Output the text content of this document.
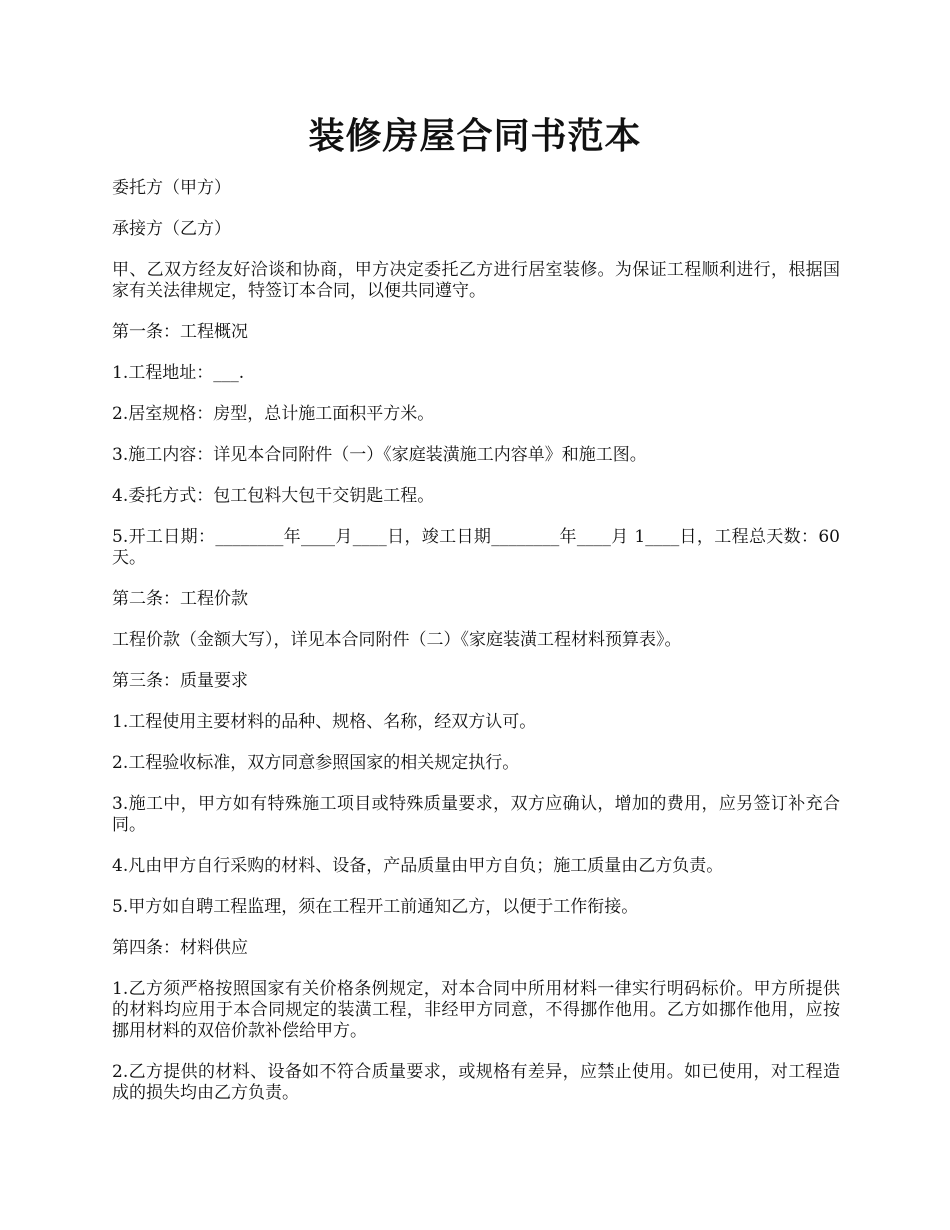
装修房屋合同书范本

委托方（甲方）

承接方（乙方）

甲、乙双方经友好洽谈和协商，甲方决定委托乙方进行居室装修。为保证工程顺利进行，根据国家有关法律规定，特签订本合同，以便共同遵守。

第一条：工程概况

1.工程地址：___.

2.居室规格：房型，总计施工面积平方米。

3.施工内容：详见本合同附件（一）《家庭装潢施工内容单》和施工图。

4.委托方式：包工包料大包干交钥匙工程。

5.开工日期：________年____月____日，竣工日期________年____月 1____日，工程总天数：60 天。

第二条：工程价款

工程价款（金额大写），详见本合同附件（二）《家庭装潢工程材料预算表》。

第三条：质量要求

1.工程使用主要材料的品种、规格、名称，经双方认可。

2.工程验收标准，双方同意参照国家的相关规定执行。

3.施工中，甲方如有特殊施工项目或特殊质量要求，双方应确认，增加的费用，应另签订补充合同。

4.凡由甲方自行采购的材料、设备，产品质量由甲方自负；施工质量由乙方负责。

5.甲方如自聘工程监理，须在工程开工前通知乙方，以便于工作衔接。

第四条：材料供应

1.乙方须严格按照国家有关价格条例规定，对本合同中所用材料一律实行明码标价。甲方所提供的材料均应用于本合同规定的装潢工程，非经甲方同意，不得挪作他用。乙方如挪作他用，应按挪用材料的双倍价款补偿给甲方。

2.乙方提供的材料、设备如不符合质量要求，或规格有差异，应禁止使用。如已使用，对工程造成的损失均由乙方负责。
